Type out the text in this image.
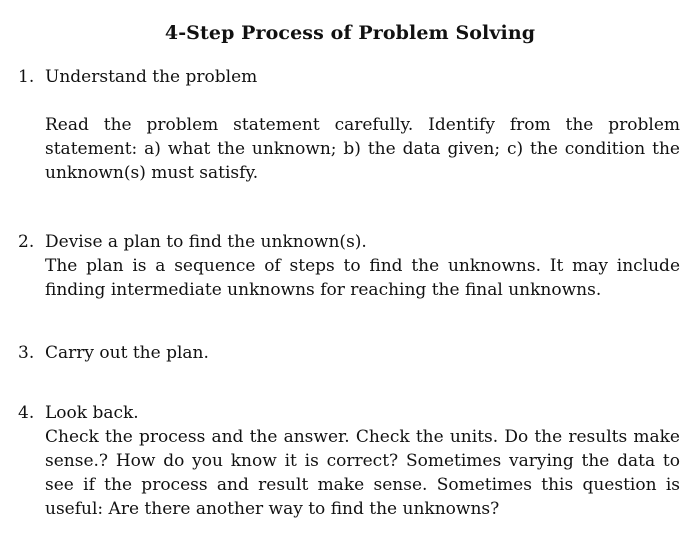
4-Step Process of Problem Solving
1. Understand the problem
Read the problem statement carefully. Identify from the problem statement: a) what the unknown; b) the data given; c) the condition the unknown(s) must satisfy.
2. Devise a plan to find the unknown(s).
The plan is a sequence of steps to find the unknowns. It may include finding intermediate unknowns for reaching the final unknowns.
3. Carry out the plan.
4. Look back.
Check the process and the answer. Check the units. Do the results make sense.? How do you know it is correct? Sometimes varying the data to see if the process and result make sense. Sometimes this question is useful: Are there another way to find the unknowns?
